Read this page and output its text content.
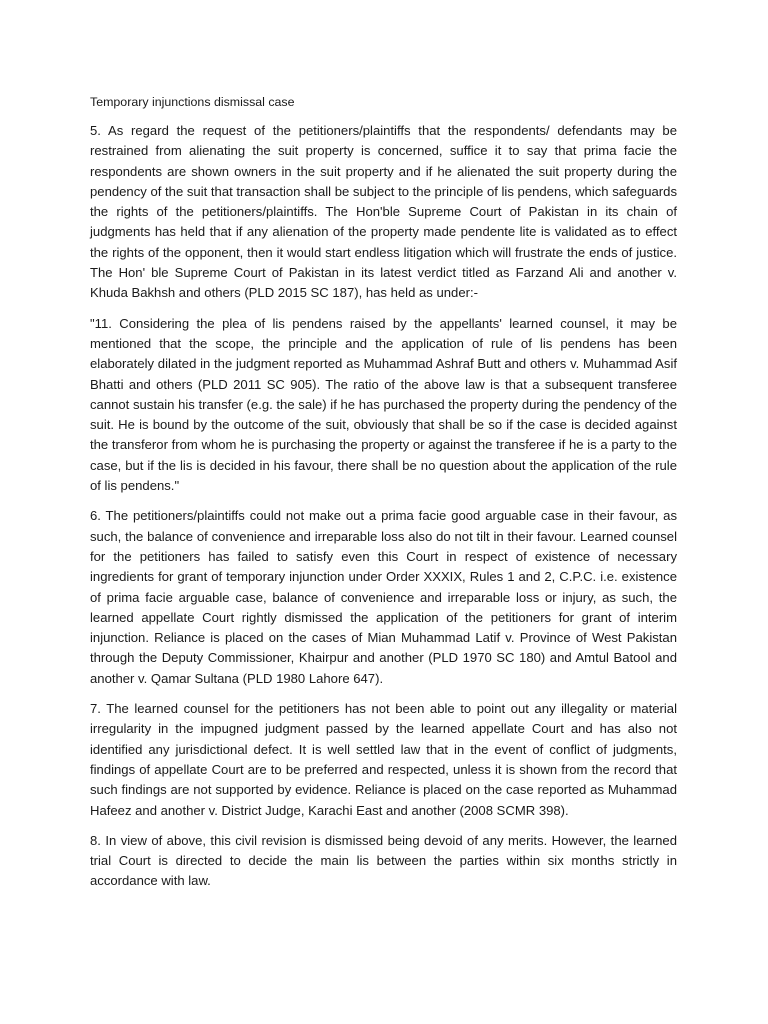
Temporary injunctions dismissal case

5. As regard the request of the petitioners/plaintiffs that the respondents/ defendants may be restrained from alienating the suit property is concerned, suffice it to say that prima facie the respondents are shown owners in the suit property and if he alienated the suit property during the pendency of the suit that transaction shall be subject to the principle of lis pendens, which safeguards the rights of the petitioners/plaintiffs. The Hon'ble Supreme Court of Pakistan in its chain of judgments has held that if any alienation of the property made pendente lite is validated as to effect the rights of the opponent, then it would start endless litigation which will frustrate the ends of justice. The Hon' ble Supreme Court of Pakistan in its latest verdict titled as Farzand Ali and another v. Khuda Bakhsh and others (PLD 2015 SC 187), has held as under:-

"11. Considering the plea of lis pendens raised by the appellants' learned counsel, it may be mentioned that the scope, the principle and the application of rule of lis pendens has been elaborately dilated in the judgment reported as Muhammad Ashraf Butt and others v. Muhammad Asif Bhatti and others (PLD 2011 SC 905). The ratio of the above law is that a subsequent transferee cannot sustain his transfer (e.g. the sale) if he has purchased the property during the pendency of the suit. He is bound by the outcome of the suit, obviously that shall be so if the case is decided against the transferor from whom he is purchasing the property or against the transferee if he is a party to the case, but if the lis is decided in his favour, there shall be no question about the application of the rule of lis pendens."

6. The petitioners/plaintiffs could not make out a prima facie good arguable case in their favour, as such, the balance of convenience and irreparable loss also do not tilt in their favour. Learned counsel for the petitioners has failed to satisfy even this Court in respect of existence of necessary ingredients for grant of temporary injunction under Order XXXIX, Rules 1 and 2, C.P.C. i.e. existence of prima facie arguable case, balance of convenience and irreparable loss or injury, as such, the learned appellate Court rightly dismissed the application of the petitioners for grant of interim injunction. Reliance is placed on the cases of Mian Muhammad Latif v. Province of West Pakistan through the Deputy Commissioner, Khairpur and another (PLD 1970 SC 180) and Amtul Batool and another v. Qamar Sultana (PLD 1980 Lahore 647).

7. The learned counsel for the petitioners has not been able to point out any illegality or material irregularity in the impugned judgment passed by the learned appellate Court and has also not identified any jurisdictional defect. It is well settled law that in the event of conflict of judgments, findings of appellate Court are to be preferred and respected, unless it is shown from the record that such findings are not supported by evidence. Reliance is placed on the case reported as Muhammad Hafeez and another v. District Judge, Karachi East and another (2008 SCMR 398).

8. In view of above, this civil revision is dismissed being devoid of any merits. However, the learned trial Court is directed to decide the main lis between the parties within six months strictly in accordance with law.
